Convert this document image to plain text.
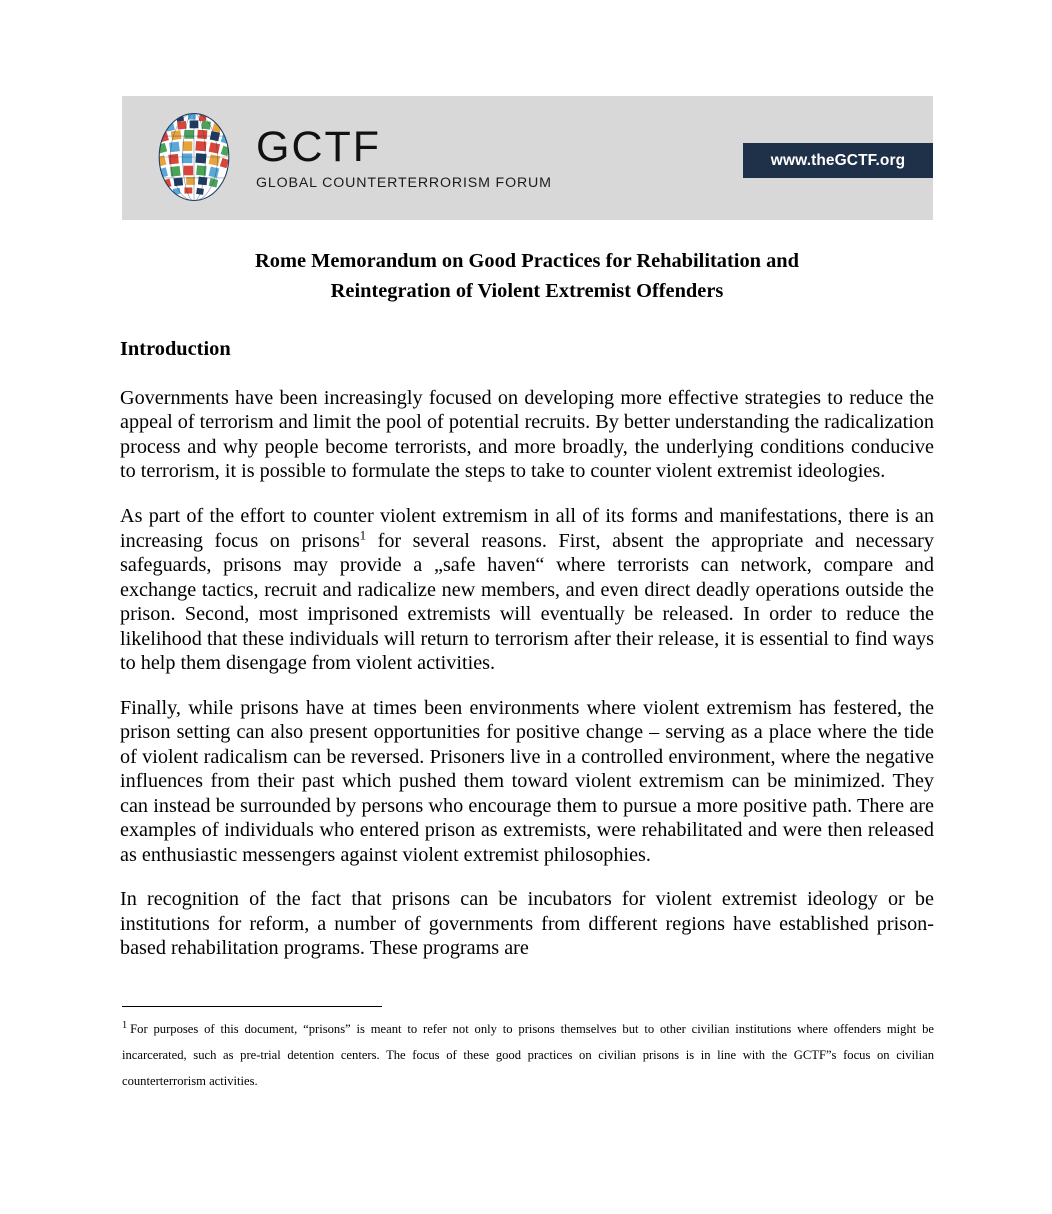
GCTF
GLOBAL COUNTERTERRORISM FORUM
www.theGCTF.org
Rome Memorandum on Good Practices for Rehabilitation and
Reintegration of Violent Extremist Offenders
Introduction

Governments have been increasingly focused on developing more effective strategies to reduce the appeal of terrorism and limit the pool of potential recruits. By better understanding the radicalization process and why people become terrorists, and more broadly, the underlying conditions conducive to terrorism, it is possible to formulate the steps to take to counter violent extremist ideologies.

As part of the effort to counter violent extremism in all of its forms and manifestations, there is an increasing focus on prisons$^1$ for several reasons. First, absent the appropriate and necessary safeguards, prisons may provide a „safe haven“ where terrorists can network, compare and exchange tactics, recruit and radicalize new members, and even direct deadly operations outside the prison. Second, most imprisoned extremists will eventually be released. In order to reduce the likelihood that these individuals will return to terrorism after their release, it is essential to find ways to help them disengage from violent activities.

Finally, while prisons have at times been environments where violent extremism has festered, the prison setting can also present opportunities for positive change – serving as a place where the tide of violent radicalism can be reversed. Prisoners live in a controlled environment, where the negative influences from their past which pushed them toward violent extremism can be minimized. They can instead be surrounded by persons who encourage them to pursue a more positive path. There are examples of individuals who entered prison as extremists, were rehabilitated and were then released as enthusiastic messengers against violent extremist philosophies.

In recognition of the fact that prisons can be incubators for violent extremist ideology or be institutions for reform, a number of governments from different regions have established prison-based rehabilitation programs. These programs are

$^1$ For purposes of this document, “prisons” is meant to refer not only to prisons themselves but to other civilian institutions where offenders might be incarcerated, such as pre-trial detention centers. The focus of these good practices on civilian prisons is in line with the GCTF”s focus on civilian counterterrorism activities.
